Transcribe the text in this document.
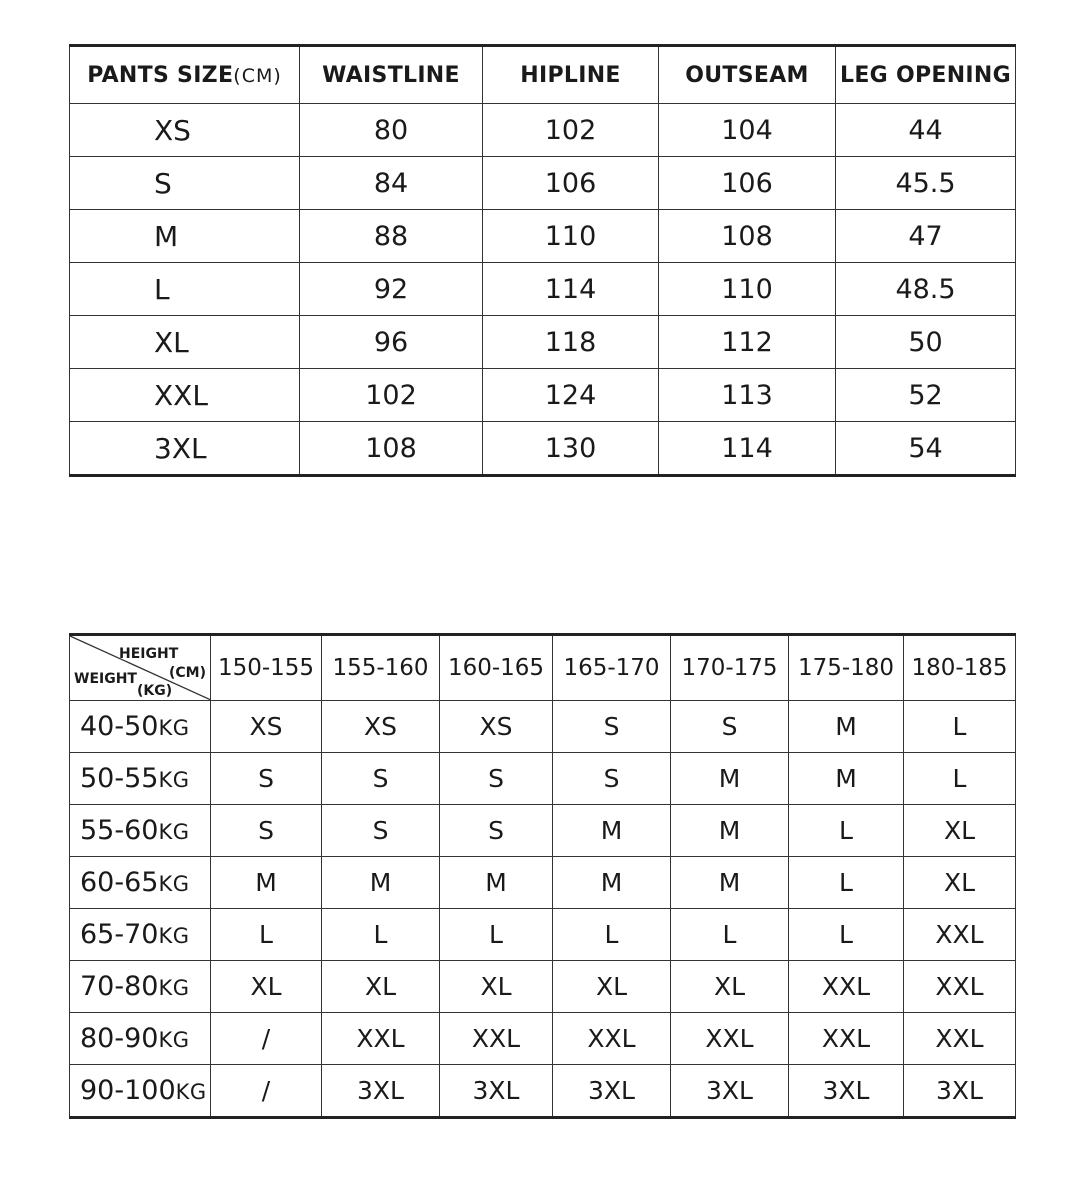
PANTS SIZE(CM)	WAISTLINE	HIPLINE	OUTSEAM	LEG OPENING
XS	80	102	104	44
S	84	106	106	45.5
M	88	110	108	47
L	92	114	110	48.5
XL	96	118	112	50
XXL	102	124	113	52
3XL	108	130	114	54
HEIGHT
(CM)
WEIGHT
(KG)	150-155	155-160	160-165	165-170	170-175	175-180	180-185
40-50KG	XS	XS	XS	S	S	M	L
50-55KG	S	S	S	S	M	M	L
55-60KG	S	S	S	M	M	L	XL
60-65KG	M	M	M	M	M	L	XL
65-70KG	L	L	L	L	L	L	XXL
70-80KG	XL	XL	XL	XL	XL	XXL	XXL
80-90KG	/	XXL	XXL	XXL	XXL	XXL	XXL
90-100KG	/	3XL	3XL	3XL	3XL	3XL	3XL
